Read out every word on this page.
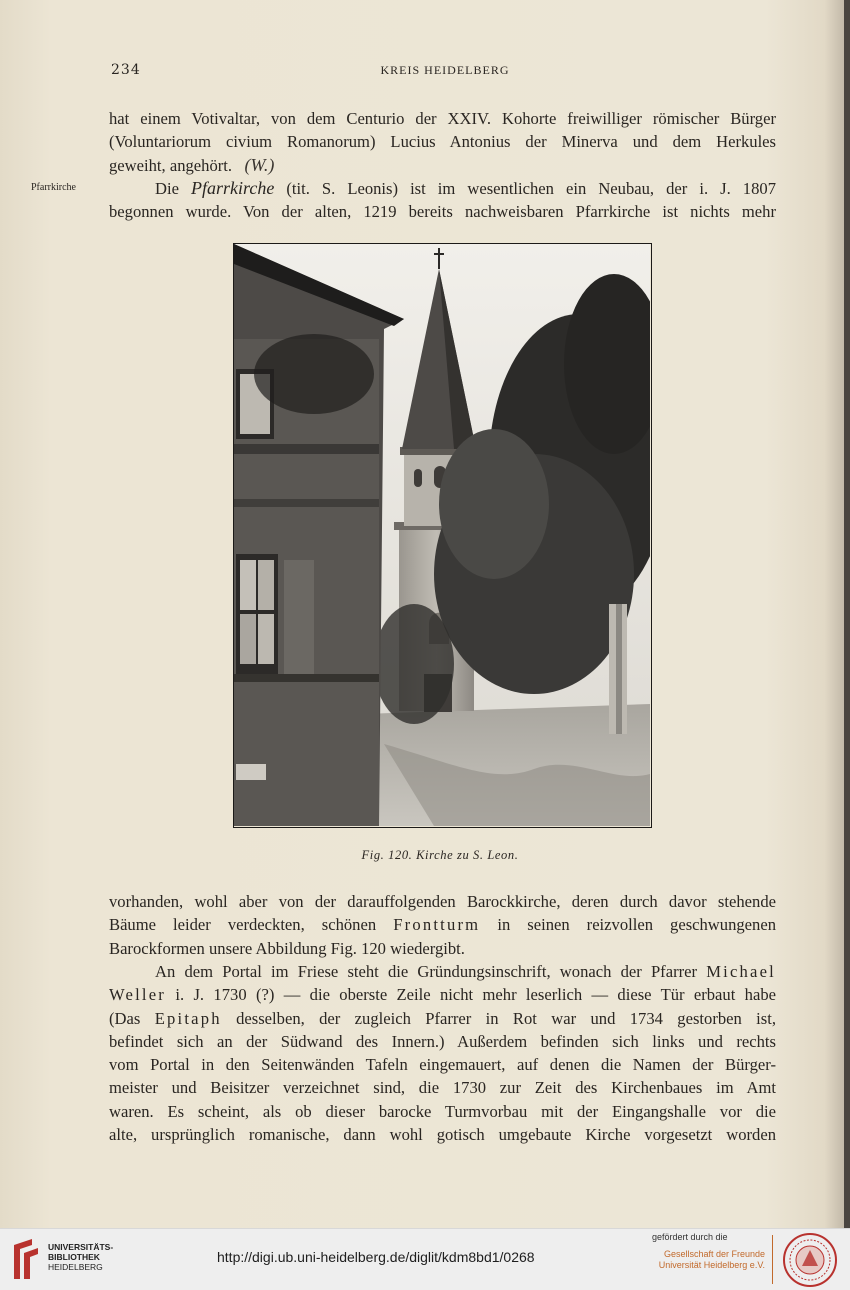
234	KREIS HEIDELBERG
Pfarrkirche
hat einem Votivaltar, von dem Centurio der XXIV. Kohorte freiwilliger römischer Bürger
(Voluntariorum civium Romanorum) Lucius Antonius der Minerva und dem Herkules
geweiht, angehört. (W.)
Die Pfarrkirche (tit. S. Leonis) ist im wesentlichen ein Neubau, der i. J. 1807
begonnen wurde. Von der alten, 1219 bereits nachweisbaren Pfarrkirche ist nichts mehr
Fig. 120. Kirche zu S. Leon.
vorhanden, wohl aber von der darauffolgenden Barockkirche, deren durch davor stehende
Bäume leider verdeckten, schönen Frontturm in seinen reizvollen geschwungenen
Barockformen unsere Abbildung Fig. 120 wiedergibt.
An dem Portal im Friese steht die Gründungsinschrift, wonach der Pfarrer Michael
Weller i. J. 1730 (?) — die oberste Zeile nicht mehr leserlich — diese Tür erbaut habe
(Das Epitaph desselben, der zugleich Pfarrer in Rot war und 1734 gestorben ist,
befindet sich an der Südwand des Innern.) Außerdem befinden sich links und rechts
vom Portal in den Seitenwänden Tafeln eingemauert, auf denen die Namen der Bürger-
meister und Beisitzer verzeichnet sind, die 1730 zur Zeit des Kirchenbaues im Amt
waren. Es scheint, als ob dieser barocke Turmvorbau mit der Eingangshalle vor die
alte, ursprünglich romanische, dann wohl gotisch umgebaute Kirche vorgesetzt worden
UNIVERSITÄTS-
BIBLIOTHEK
HEIDELBERG
http://digi.ub.uni-heidelberg.de/diglit/kdm8bd1/0268
gefördert durch die
Gesellschaft der Freunde
Universität Heidelberg e.V.
